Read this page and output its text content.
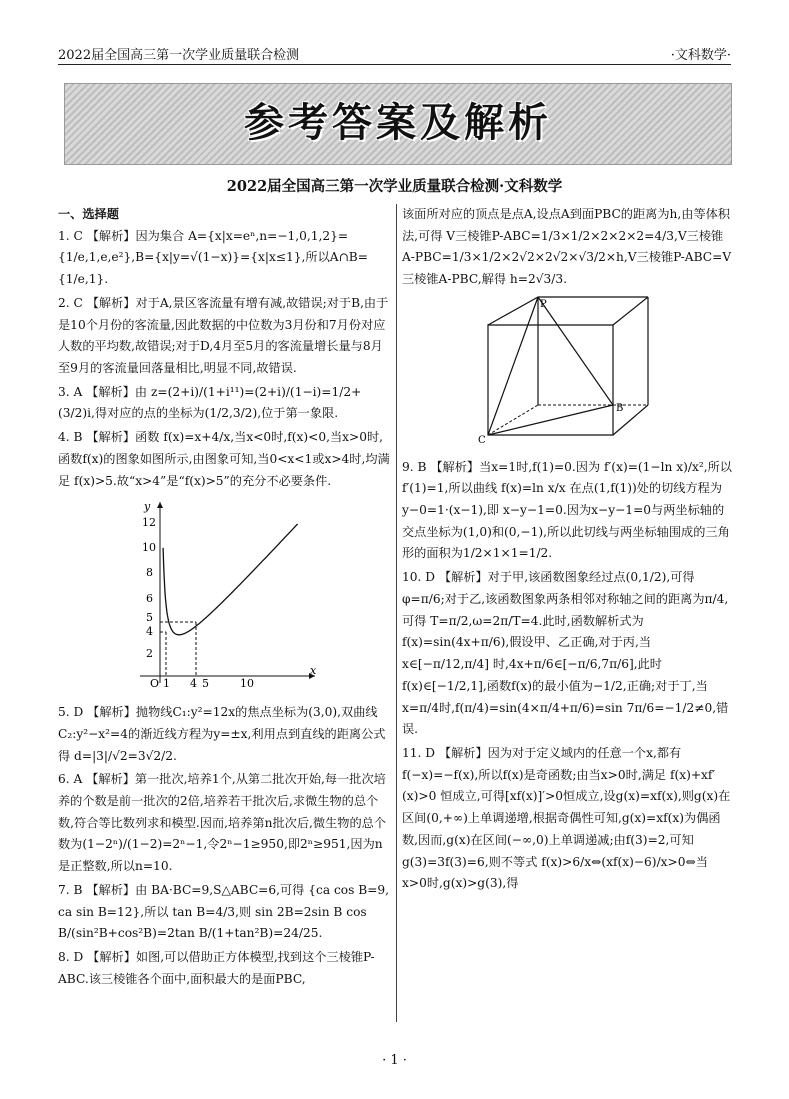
2022届全国高三第一次学业质量联合检测	·文科数学·
参考答案及解析
2022届全国高三第一次学业质量联合检测·文科数学

一、选择题

1. C 【解析】因为集合 A={x|x=eⁿ,n=−1,0,1,2}={1/e,1,e,e²},B={x|y=√(1−x)}={x|x≤1},所以A∩B={1/e,1}.

2. C 【解析】对于A,景区客流量有增有减,故错误;对于B,由于是10个月份的客流量,因此数据的中位数为3月份和7月份对应人数的平均数,故错误;对于D,4月至5月的客流量增长量与8月至9月的客流量回落量相比,明显不同,故错误.

3. A 【解析】由 z=(2+i)/(1+i¹¹)=(2+i)/(1−i)=1/2+(3/2)i,得对应的点的坐标为(1/2,3/2),位于第一象限.

4. B 【解析】函数 f(x)=x+4/x,当x<0时,f(x)<0,当x>0时,函数f(x)的图象如图所示,由图象可知,当0<x<1或x>4时,均满足 f(x)>5.故“x>4”是“f(x)>5”的充分不必要条件.

y
x
O
12
10
8
6
5
4
2
1 4 5	10

5. D 【解析】抛物线C₁:y²=12x的焦点坐标为(3,0),双曲线C₂:y²−x²=4的渐近线方程为y=±x,利用点到直线的距离公式得 d=|3|/√2=3√2/2.

6. A 【解析】第一批次,培养1个,从第二批次开始,每一批次培养的个数是前一批次的2倍,培养若干批次后,求微生物的总个数,符合等比数列求和模型.因而,培养第n批次后,微生物的总个数为(1−2ⁿ)/(1−2)=2ⁿ−1,令2ⁿ−1≥950,即2ⁿ≥951,因为n是正整数,所以n=10.

7. B 【解析】由 BA·BC=9,S△ABC=6,可得 {ca cos B=9, ca sin B=12},所以 tan B=4/3,则 sin 2B=2sin B cos B/(sin²B+cos²B)=2tan B/(1+tan²B)=24/25.

8. D 【解析】如图,可以借助正方体模型,找到这个三棱锥P-ABC.该三棱锥各个面中,面积最大的是面PBC,

该面所对应的顶点是点A,设点A到面PBC的距离为h,由等体积法,可得 V三棱锥P-ABC=1/3×1/2×2×2×2=4/3,V三棱锥A-PBC=1/3×1/2×2√2×2√2×√3/2×h,V三棱锥P-ABC=V三棱锥A-PBC,解得 h=2√3/3.

P
B
C

9. B 【解析】当x=1时,f(1)=0.因为 f′(x)=(1−ln x)/x²,所以f′(1)=1,所以曲线 f(x)=ln x/x 在点(1,f(1))处的切线方程为 y−0=1·(x−1),即 x−y−1=0.因为x−y−1=0与两坐标轴的交点坐标为(1,0)和(0,−1),所以此切线与两坐标轴围成的三角形的面积为1/2×1×1=1/2.

10. D 【解析】对于甲,该函数图象经过点(0,1/2),可得 φ=π/6;对于乙,该函数图象两条相邻对称轴之间的距离为π/4,可得 T=π/2,ω=2π/T=4.此时,函数解析式为 f(x)=sin(4x+π/6),假设甲、乙正确,对于丙,当 x∈[−π/12,π/4] 时,4x+π/6∈[−π/6,7π/6],此时 f(x)∈[−1/2,1],函数f(x)的最小值为−1/2,正确;对于丁,当x=π/4时,f(π/4)=sin(4×π/4+π/6)=sin 7π/6=−1/2≠0,错误.

11. D 【解析】因为对于定义域内的任意一个x,都有 f(−x)=−f(x),所以f(x)是奇函数;由当x>0时,满足 f(x)+xf′(x)>0 恒成立,可得[xf(x)]′>0恒成立,设g(x)=xf(x),则g(x)在区间(0,+∞)上单调递增,根据奇偶性可知,g(x)=xf(x)为偶函数,因而,g(x)在区间(−∞,0)上单调递减;由f(3)=2,可知 g(3)=3f(3)=6,则不等式 f(x)>6/x⇔(xf(x)−6)/x>0⇔当x>0时,g(x)>g(3),得

· 1 ·
